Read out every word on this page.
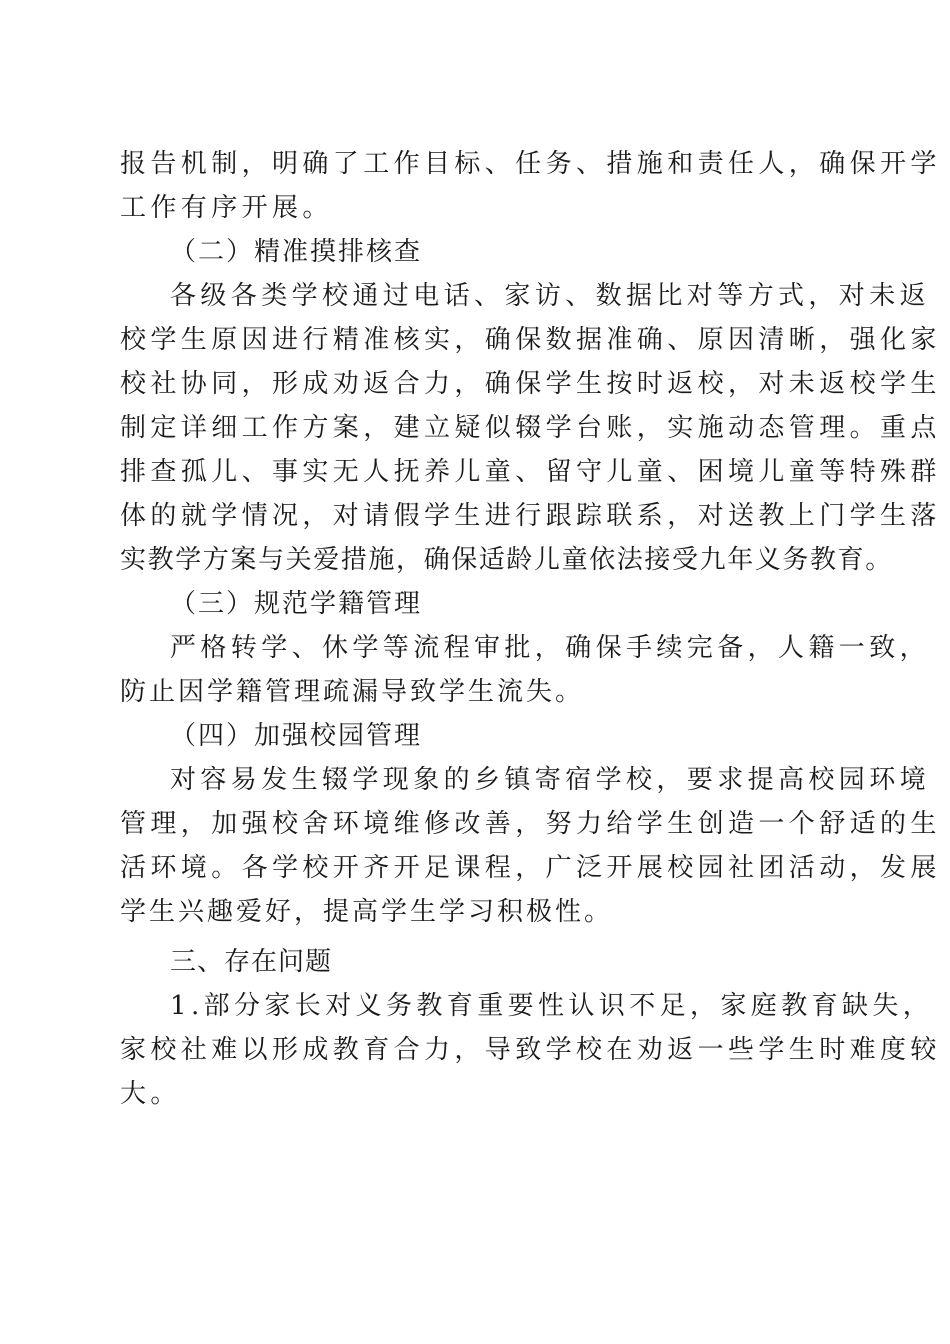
报告机制，明确了工作目标、任务、措施和责任人，确保开学
工作有序开展。
（二）精准摸排核查
各级各类学校通过电话、家访、数据比对等方式，对未返
校学生原因进行精准核实，确保数据准确、原因清晰，强化家
校社协同，形成劝返合力，确保学生按时返校，对未返校学生
制定详细工作方案，建立疑似辍学台账，实施动态管理。重点
排查孤儿、事实无人抚养儿童、留守儿童、困境儿童等特殊群
体的就学情况，对请假学生进行跟踪联系，对送教上门学生落
实教学方案与关爱措施，确保适龄儿童依法接受九年义务教育。
（三）规范学籍管理
严格转学、休学等流程审批，确保手续完备，人籍一致，
防止因学籍管理疏漏导致学生流失。
（四）加强校园管理
对容易发生辍学现象的乡镇寄宿学校，要求提高校园环境
管理，加强校舍环境维修改善，努力给学生创造一个舒适的生
活环境。各学校开齐开足课程，广泛开展校园社团活动，发展
学生兴趣爱好，提高学生学习积极性。
三、存在问题
1.部分家长对义务教育重要性认识不足，家庭教育缺失，
家校社难以形成教育合力，导致学校在劝返一些学生时难度较
大。
